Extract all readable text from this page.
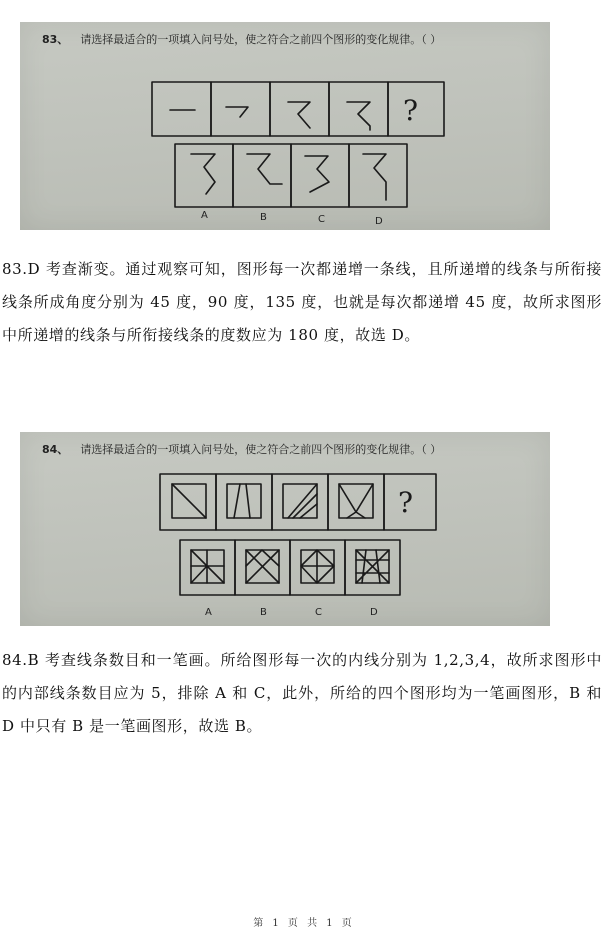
83、 请选择最适合的一项填入问号处，使之符合之前四个图形的变化规律。（ ）
?
A	B	C	D
83.D 考查渐变。通过观察可知，图形每一次都递增一条线，且所递增的线条与所衔接线条所成角度分别为 45 度，90 度，135 度，也就是每次都递增 45 度，故所求图形中所递增的线条与所衔接线条的度数应为 180 度，故选 D。
84、 请选择最适合的一项填入问号处，使之符合之前四个图形的变化规律。（ ）
?
A	B	C	D
84.B 考查线条数目和一笔画。所给图形每一次的内线分别为 1,2,3,4，故所求图形中的内部线条数目应为 5，排除 A 和 C，此外，所给的四个图形均为一笔画图形，B 和 D 中只有 B 是一笔画图形，故选 B。
第 1 页 共 1 页
